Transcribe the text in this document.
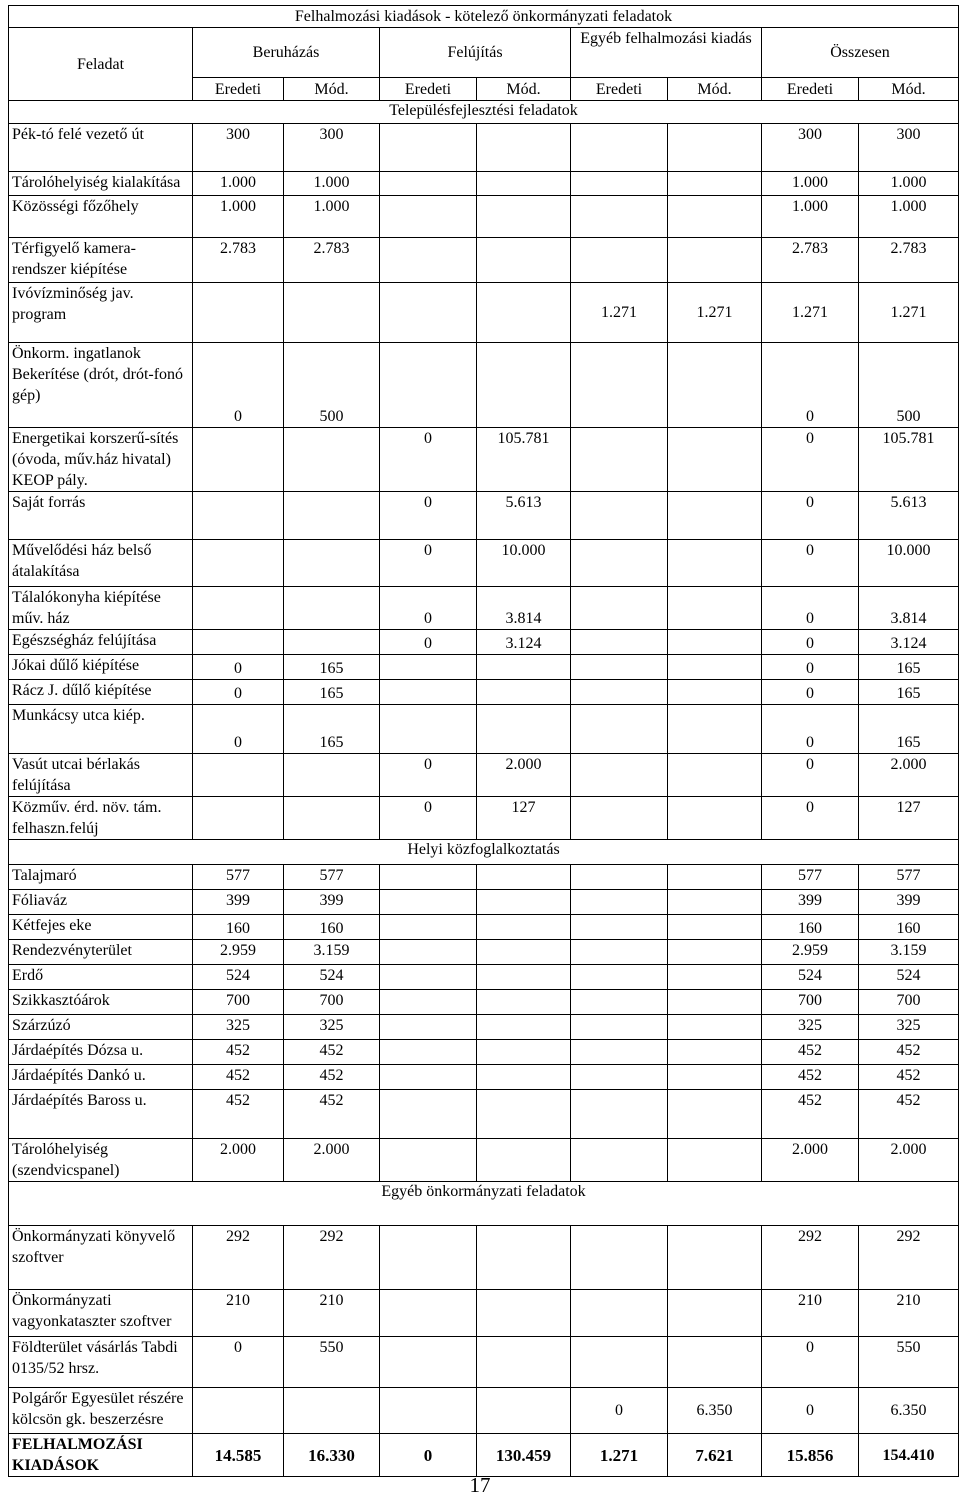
Felhalmozási kiadások - kötelező önkormányzati feladatok								
Feladat	Beruházás		Felújítás		Egyéb felhalmozási kiadás		Összesen	
	Eredeti	Mód.	Eredeti	Mód.	Eredeti	Mód.	Eredeti	Mód.
Településfejlesztési feladatok								
Pék-tó felé vezető út	300	300					300	300
Tárolóhelyiség kialakítása	1.000	1.000					1.000	1.000
Közösségi főzőhely	1.000	1.000					1.000	1.000
Térfigyelő kamera-rendszer kiépítése	2.783	2.783					2.783	2.783
Ivóvízminőség jav. program					1.271	1.271	1.271	1.271
Önkorm. ingatlanok Bekerítése (drót, drót-fonó gép)	0	500					0	500
Energetikai korszerű-sítés (óvoda, műv.ház hivatal) KEOP pály.			0	105.781			0	105.781
Saját forrás			0	5.613			0	5.613
Művelődési ház belső átalakítása			0	10.000			0	10.000
Tálalókonyha kiépítése műv. ház			0	3.814			0	3.814
Egészségház felújítása			0	3.124			0	3.124
Jókai dűlő kiépítése	0	165					0	165
Rácz J. dűlő kiépítése	0	165					0	165
Munkácsy utca kiép.	0	165					0	165
Vasút utcai bérlakás felújítása			0	2.000			0	2.000
Közműv. érd. növ. tám. felhaszn.felúj			0	127			0	127
Helyi közfoglalkoztatás								
Talajmaró	577	577					577	577
Fóliaváz	399	399					399	399
Kétfejes eke	160	160					160	160
Rendezvényterület	2.959	3.159					2.959	3.159
Erdő	524	524					524	524
Szikkasztóárok	700	700					700	700
Szárzúzó	325	325					325	325
Járdaépítés Dózsa u.	452	452					452	452
Járdaépítés Dankó u.	452	452					452	452
Járdaépítés Baross u.	452	452					452	452
Tárolóhelyiség (szendvicspanel)	2.000	2.000					2.000	2.000
Egyéb önkormányzati feladatok								
Önkormányzati könyvelő szoftver	292	292					292	292
Önkormányzati vagyonkataszter szoftver	210	210					210	210
Földterület vásárlás Tabdi 0135/52 hrsz.	0	550					0	550
Polgárőr Egyesület részére kölcsön gk. beszerzésre					0	6.350	0	6.350
FELHALMOZÁSI KIADÁSOK	14.585	16.330	0	130.459	1.271	7.621	15.856	154.410
17
